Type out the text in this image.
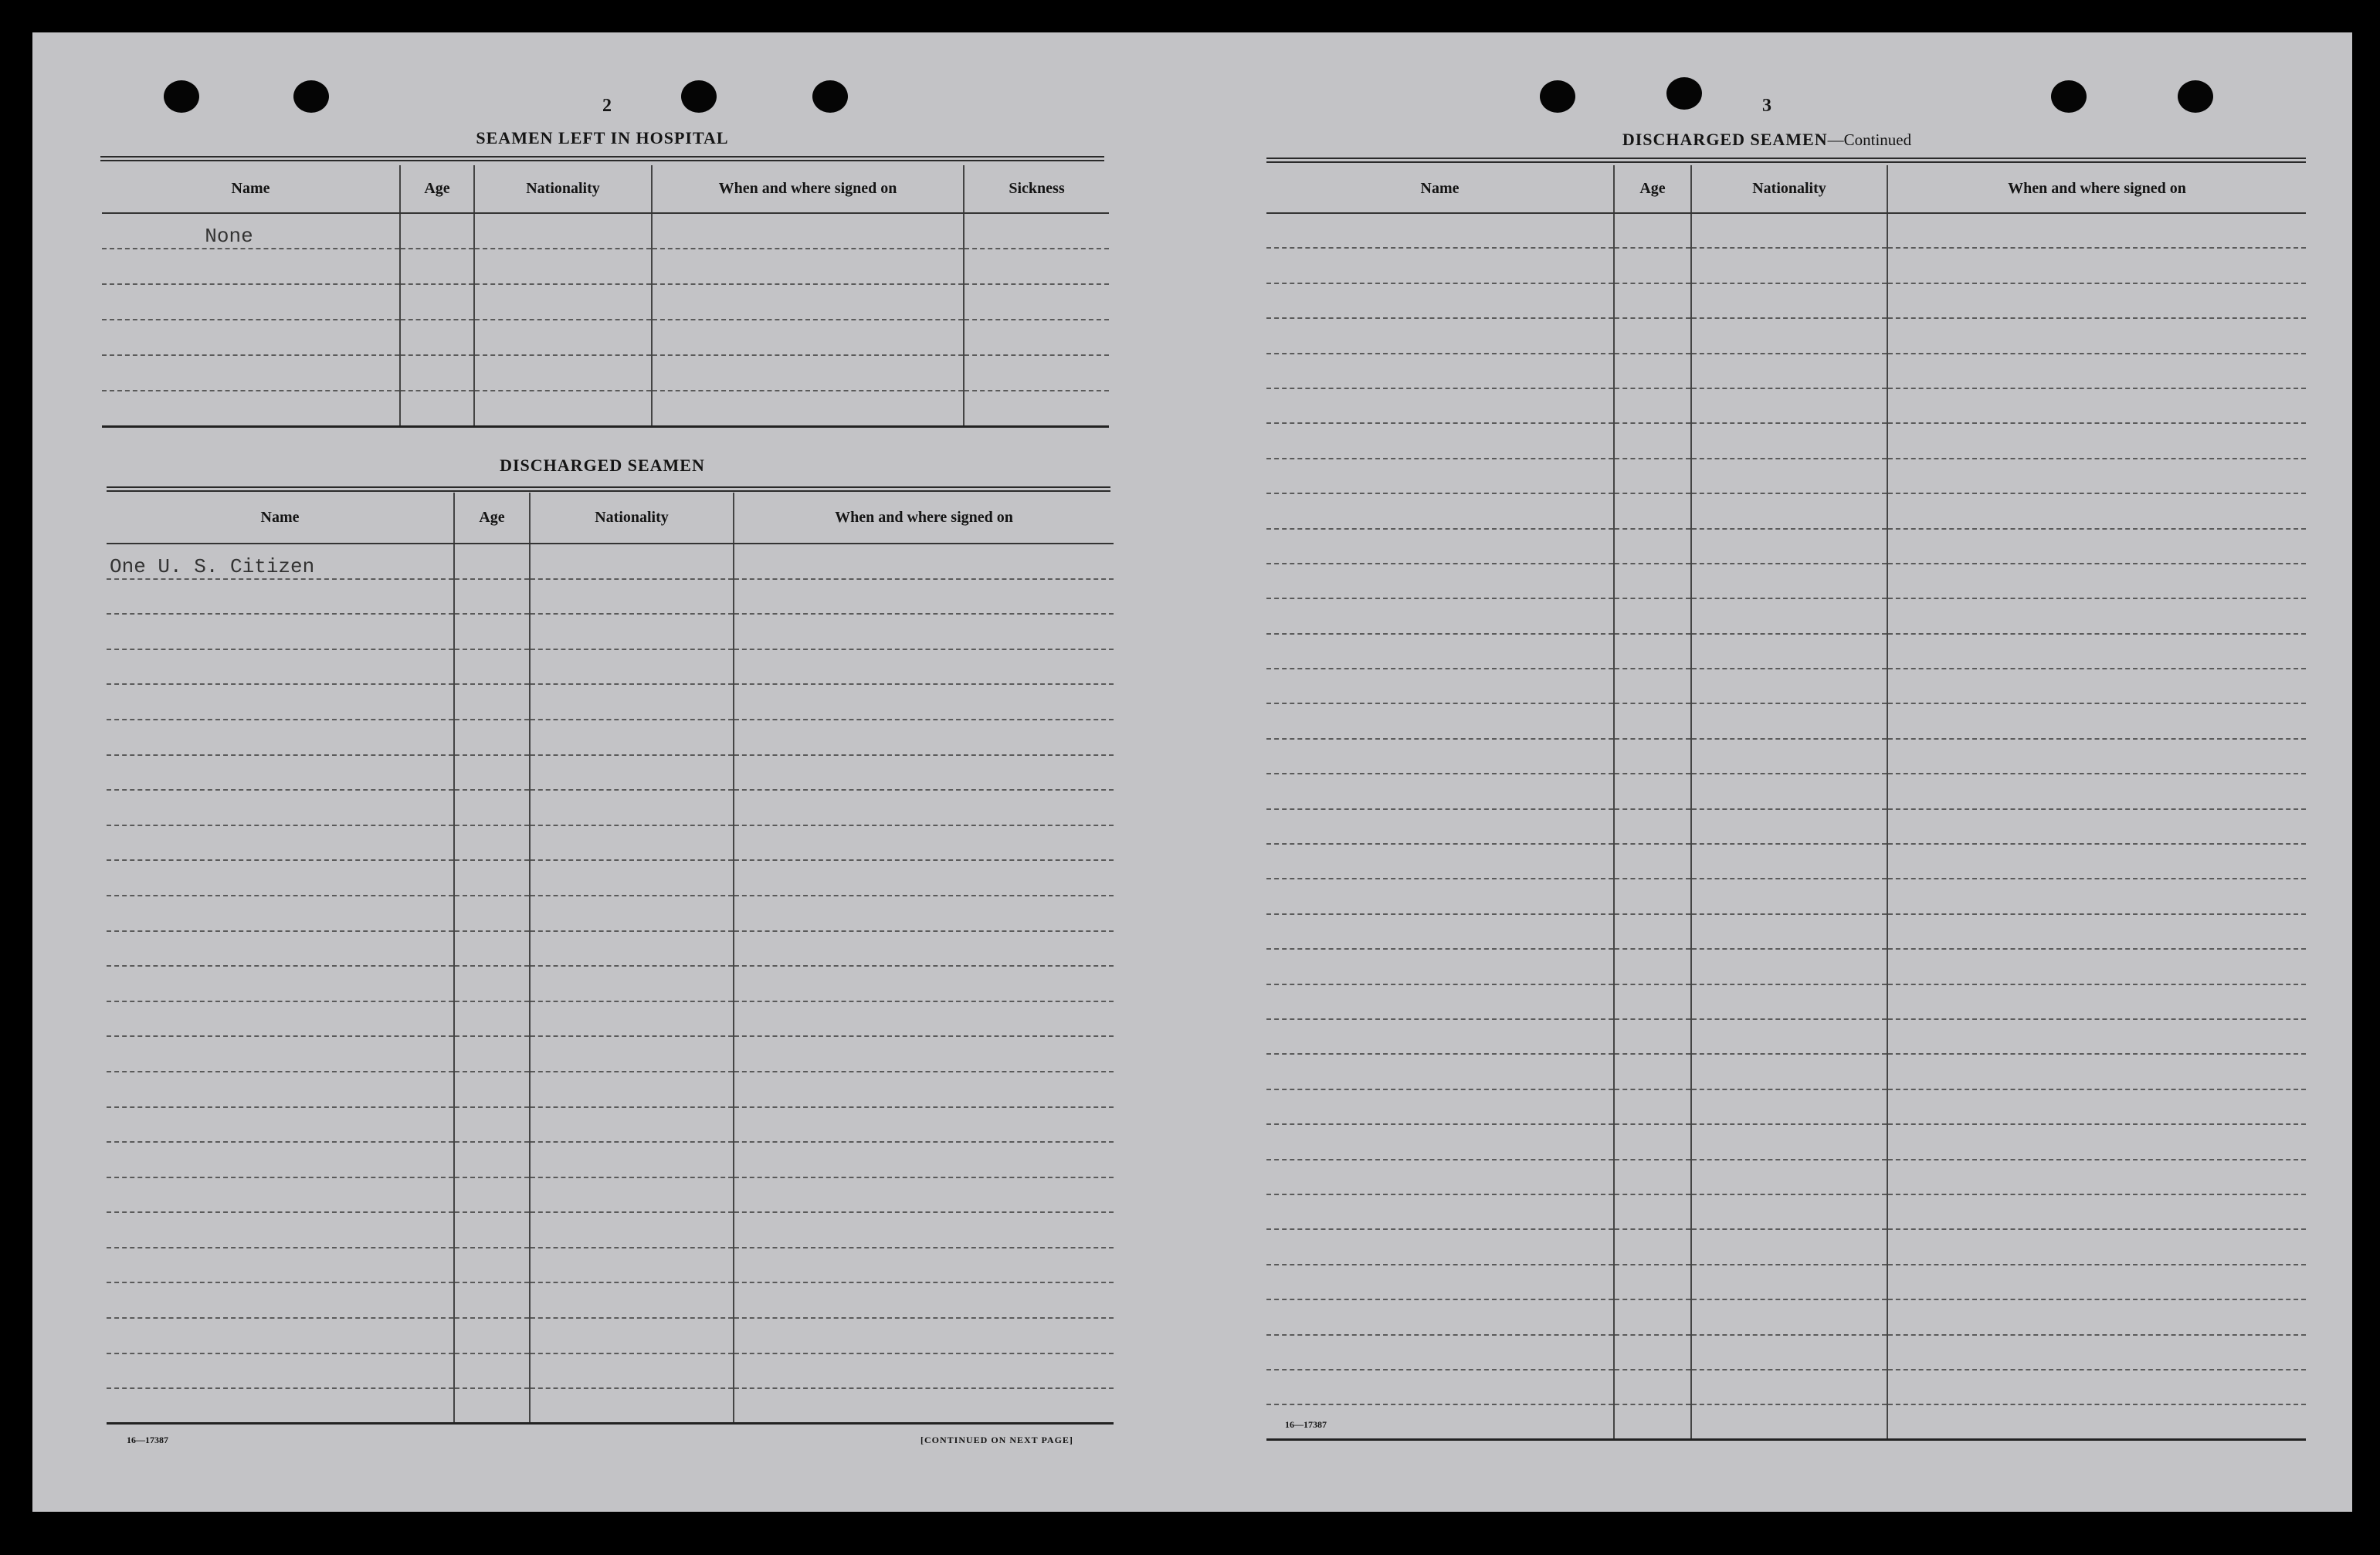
2
SEAMEN LEFT IN HOSPITAL
Name	Age	Nationality	When and where signed on	Sickness
None				

DISCHARGED SEAMEN
Name	Age	Nationality	When and where signed on
One U. S. Citizen			

16—17387	[CONTINUED ON NEXT PAGE]
3
DISCHARGED SEAMEN—Continued
Name	Age	Nationality	When and where signed on

16—17387
